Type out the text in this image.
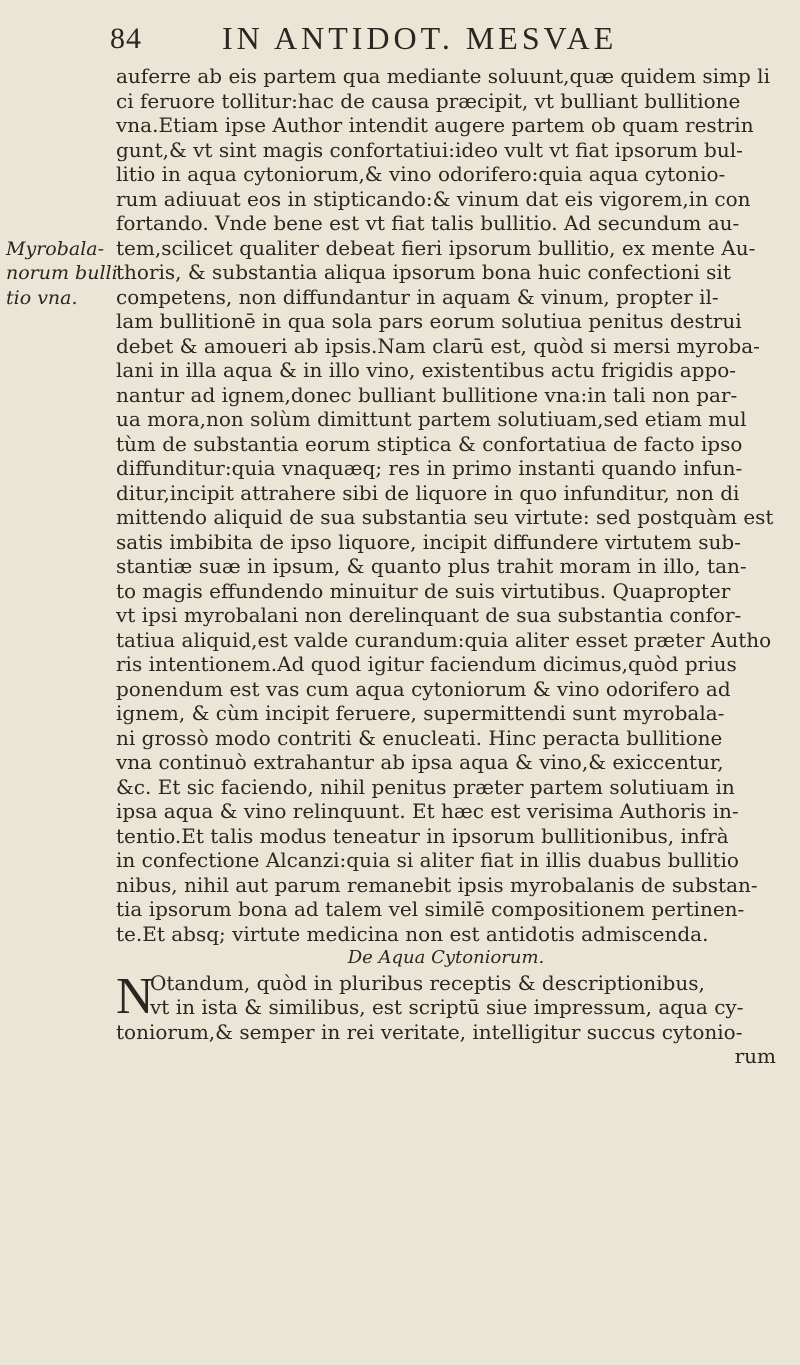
84	IN ANTIDOT. MESVAE
Myrobala-
norum bulli
tio vna.
auferre ab eis partem qua mediante soluunt,quæ quidem simp li
ci feruore tollitur:hac de causa præcipit, vt bulliant bullitione
vna.Etiam ipse Author intendit augere partem ob quam restrin
gunt,& vt sint magis confortatiui:ideo vult vt fiat ipsorum bul-
litio in aqua cytoniorum,& vino odorifero:quia aqua cytonio-
rum adiuuat eos in stipticando:& vinum dat eis vigorem,in con
fortando. Vnde bene est vt fiat talis bullitio. Ad secundum au-
tem,scilicet qualiter debeat fieri ipsorum bullitio, ex mente Au-
thoris, & substantia aliqua ipsorum bona huic confectioni sit
competens, non diffundantur in aquam & vinum, propter il-
lam bullitionē in qua sola pars eorum solutiua penitus destrui
debet & amoueri ab ipsis.Nam clarū est, quòd si mersi myroba-
lani in illa aqua & in illo vino, existentibus actu frigidis appo-
nantur ad ignem,donec bulliant bullitione vna:in tali non par-
ua mora,non solùm dimittunt partem solutiuam,sed etiam mul
tùm de substantia eorum stiptica & confortatiua de facto ipso
diffunditur:quia vnaquæq; res in primo instanti quando infun-
ditur,incipit attrahere sibi de liquore in quo infunditur, non di
mittendo aliquid de sua substantia seu virtute: sed postquàm est
satis imbibita de ipso liquore, incipit diffundere virtutem sub-
stantiæ suæ in ipsum, & quanto plus trahit moram in illo, tan-
to magis effundendo minuitur de suis virtutibus. Quapropter
vt ipsi myrobalani non derelinquant de sua substantia confor-
tatiua aliquid,est valde curandum:quia aliter esset præter Autho
ris intentionem.Ad quod igitur faciendum dicimus,quòd prius
ponendum est vas cum aqua cytoniorum & vino odorifero ad
ignem, & cùm incipit feruere, supermittendi sunt myrobala-
ni grossò modo contriti & enucleati. Hinc peracta bullitione
vna continuò extrahantur ab ipsa aqua & vino,& exiccentur,
&c. Et sic faciendo, nihil penitus præter partem solutiuam in
ipsa aqua & vino relinquunt. Et hæc est verisima Authoris in-
tentio.Et talis modus teneatur in ipsorum bullitionibus, infrà
in confectione Alcanzi:quia si aliter fiat in illis duabus bullitio
nibus, nihil aut parum remanebit ipsis myrobalanis de substan-
tia ipsorum bona ad talem vel similē compositionem pertinen-
te.Et absq; virtute medicina non est antidotis admiscenda.
De Aqua Cytoniorum.
N
Otandum, quòd in pluribus receptis & descriptionibus,
vt in ista & similibus, est scriptū siue impressum, aqua cy-
toniorum,& semper in rei veritate, intelligitur succus cytonio-
rum
